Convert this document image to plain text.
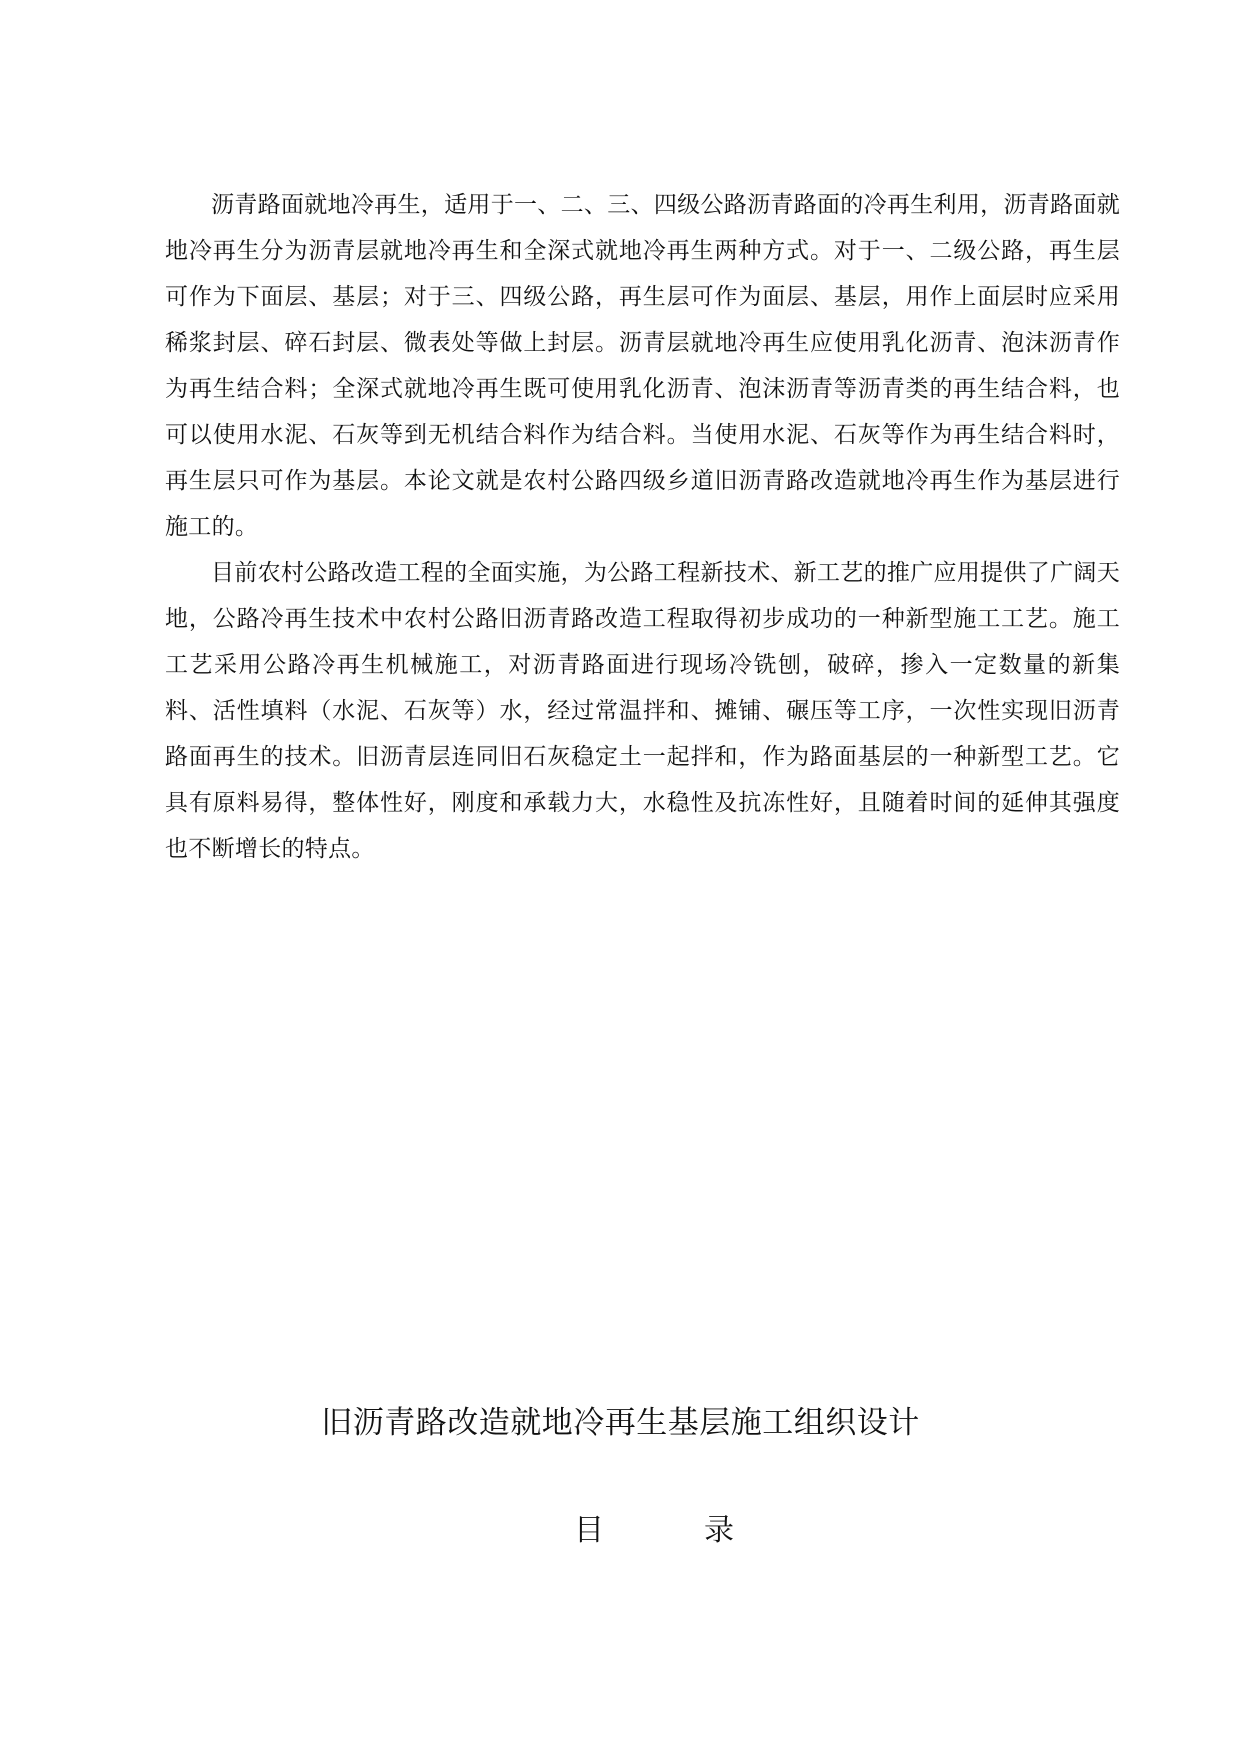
沥青路面就地冷再生，适用于一、二、三、四级公路沥青路面的冷再生利用，沥青路面就地冷再生分为沥青层就地冷再生和全深式就地冷再生两种方式。对于一、二级公路，再生层可作为下面层、基层；对于三、四级公路，再生层可作为面层、基层，用作上面层时应采用稀浆封层、碎石封层、微表处等做上封层。沥青层就地冷再生应使用乳化沥青、泡沫沥青作为再生结合料；全深式就地冷再生既可使用乳化沥青、泡沫沥青等沥青类的再生结合料，也可以使用水泥、石灰等到无机结合料作为结合料。当使用水泥、石灰等作为再生结合料时，再生层只可作为基层。本论文就是农村公路四级乡道旧沥青路改造就地冷再生作为基层进行施工的。

目前农村公路改造工程的全面实施，为公路工程新技术、新工艺的推广应用提供了广阔天地，公路冷再生技术中农村公路旧沥青路改造工程取得初步成功的一种新型施工工艺。施工工艺采用公路冷再生机械施工，对沥青路面进行现场冷铣刨，破碎，掺入一定数量的新集料、活性填料（水泥、石灰等）水，经过常温拌和、摊铺、碾压等工序，一次性实现旧沥青路面再生的技术。旧沥青层连同旧石灰稳定土一起拌和，作为路面基层的一种新型工艺。它具有原料易得，整体性好，刚度和承载力大，水稳性及抗冻性好，且随着时间的延伸其强度也不断增长的特点。

旧沥青路改造就地冷再生基层施工组织设计
目	录
